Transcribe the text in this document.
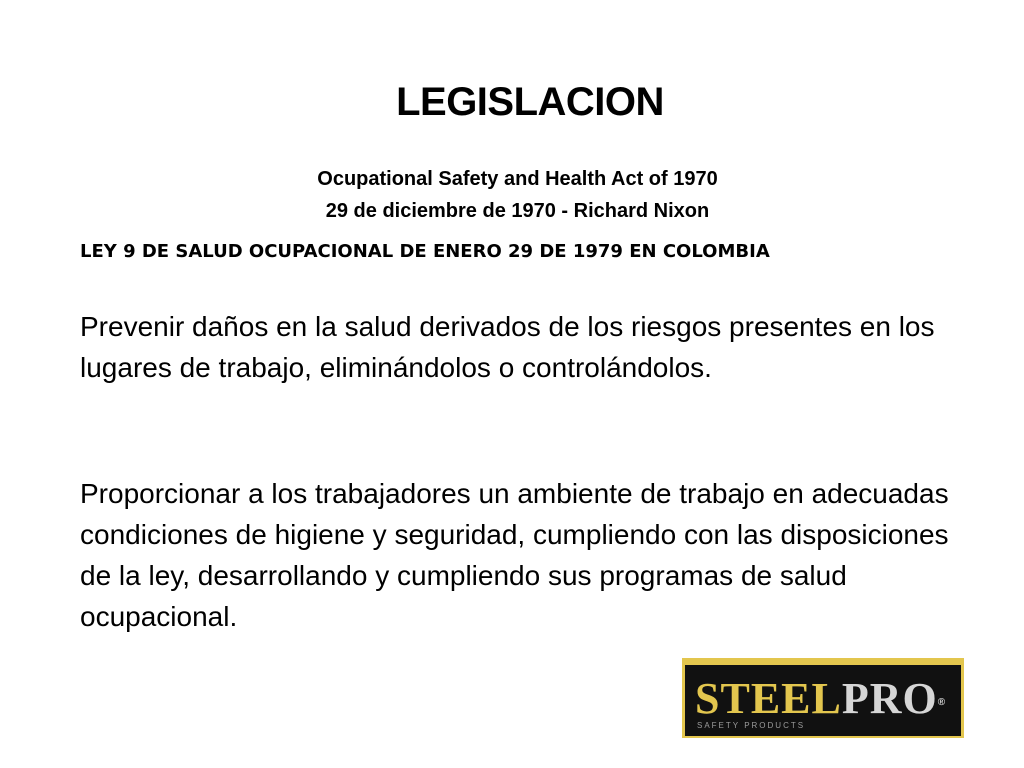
LEGISLACION

Ocupational Safety and Health Act of 1970

29 de diciembre de 1970 - Richard Nixon

LEY 9 DE SALUD OCUPACIONAL DE ENERO 29 DE 1979 EN COLOMBIA

Prevenir daños en la salud derivados de los riesgos presentes en los lugares de trabajo, eliminándolos o controlándolos.

Proporcionar a los trabajadores un ambiente de trabajo en adecuadas condiciones de higiene y seguridad, cumpliendo con las disposiciones de la ley, desarrollando y cumpliendo sus programas de salud ocupacional.

STEELPRO®
SAFETY PRODUCTS
